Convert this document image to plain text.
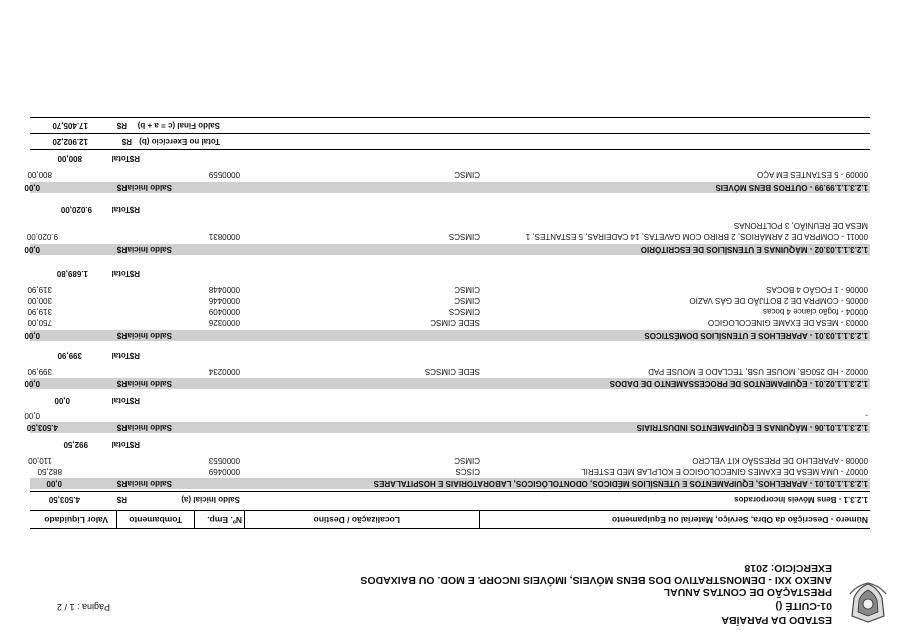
ESTADO DA PARAÍBA
01-CUITÉ ()
PRESTAÇÃO DE CONTAS ANUAL
ANEXO XXI - DEMONSTRATIVO DOS BENS MÓVEIS, IMÓVEIS INCORP. E MOD. OU BAIXADOS
EXERCÍCIO: 2018
Página : 1 / 2
Número - Descrição da Obra, Serviço, Material ou Equipamento
Localização / Destino
Nº. Emp.
Tombamento
Valor Liquidado
1.2.3.1 - Bens Móveis Incorporados
Saldo Inicial (a)
R$
4.503,50
1.2.3.1.1.01.01 - APARELHOS, EQUIPAMENTOS E UTENSÍLIOS MÉDICOS, ODONTOLÓGICOS, LABORATORIAIS E HOSPITALARES
Saldo Inicial
R$
0,00
00007 - UMA MESA DE EXAMES GINECOLOGICO E KOLPLAB MED ESTERIL
CISCS
0000469
882,50
00008 - APARELHO DE PRESSÃO KIT VELCRO
CIMSC
0000553
110,00
Total R$
992,50
1.2.3.1.1.01.06 - MÁQUINAS E EQUIPAMENTOS INDUSTRIAIS
Saldo Inicial
R$
4.503,50
-
0,00
Total R$
0,00
1.2.3.1.1.02.01 - EQUIPAMENTOS DE PROCESSAMENTO DE DADOS
Saldo Inicial
R$
0,00
00002 - HD 250GB, MOUSE USB, TECLADO E MOUSE PAD
SEDE CIMSCS
0000234
399,90
Total R$
399,90
1.2.3.1.1.03.01 - APARELHOS E UTENSÍLIOS DOMÉSTICOS
Saldo Inicial
R$
0,00
00003 - MESA DE EXAME GINECOLOGICO
SEDE CIMSC
0000326
750,00
00004 - fogão clance 4 bocas
CIMSCS
0000409
319,90
00005 - COMPRA DE 2 BOTIJÃO DE GÁS VAZIO
CIMSC
0000446
300,00
00006 - 1 FOGÃO 4 BOCAS
CIMSC
0000448
319,90
Total R$
1.689,80
1.2.3.1.1.03.02 - MÁQUINAS E UTENSÍLIOS DE ESCRITÓRIO
Saldo Inicial
R$
0,00
00011 - COMPRA DE 2 ARMÁRIOS, 2 BRIRO COM GAVETAS, 14 CADEIRAS, 5 ESTANTES, 1
CIMSCS
0000831
9.020,00
MESA DE REUNIÃO, 3 POLTRONAS
Total R$
9.020,00
1.2.3.1.1.99.99 - OUTROS BENS MÓVEIS
Saldo Inicial
R$
0,00
00009 - 5 ESTANTES EM AÇO
CIMSC
0000559
800,00
Total R$
800,00
Total no Exercício (b)
R$
12.902,20
Saldo Final (c = a + b)
R$
17.405,70
